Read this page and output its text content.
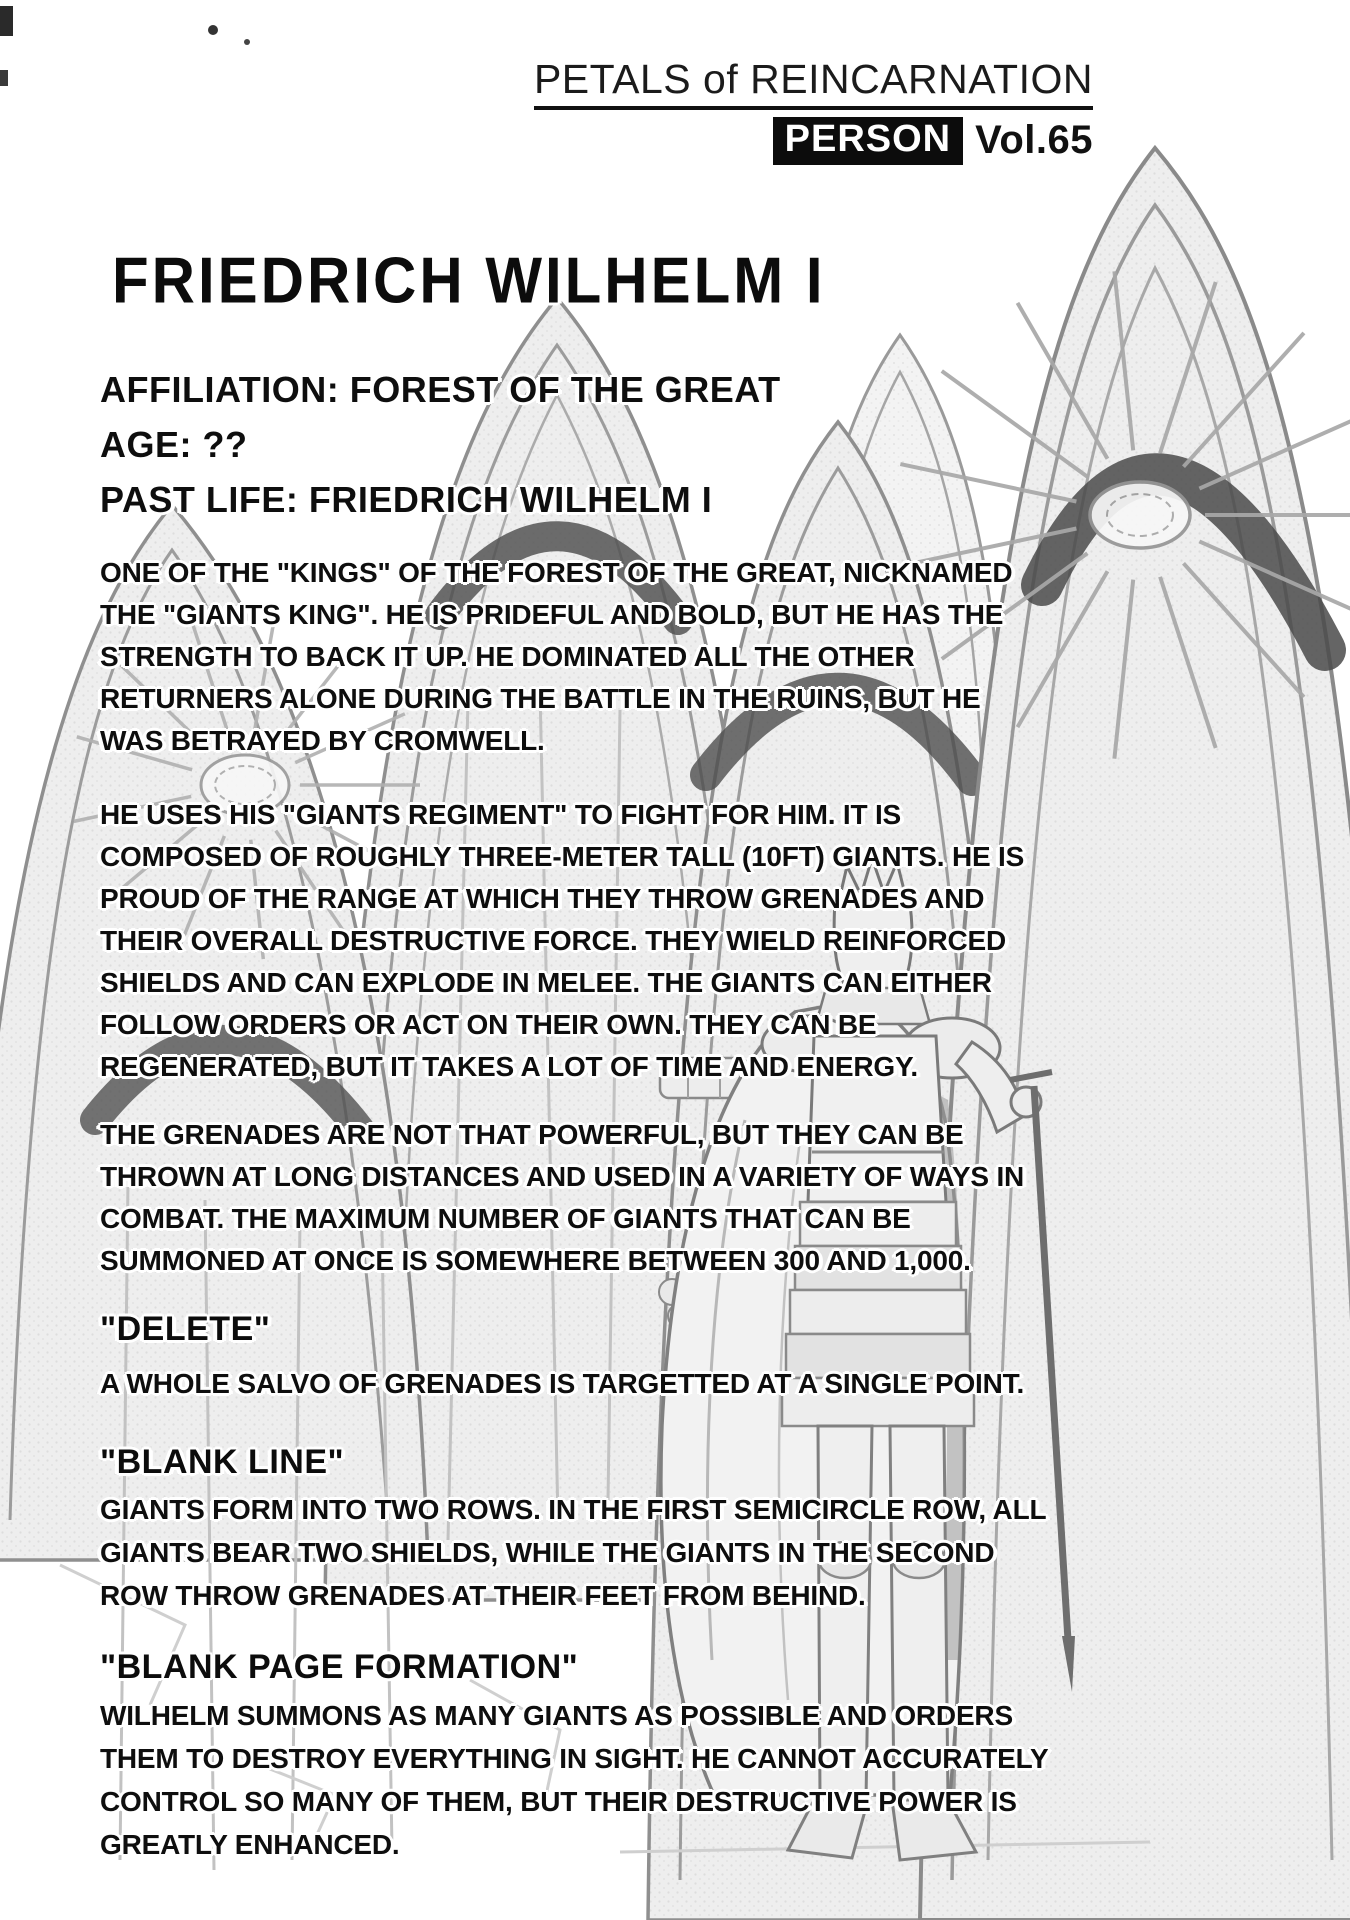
PETALS of REINCARNATION
PERSON Vol.65
FRIEDRICH WILHELM I
AFFILIATION: FOREST OF THE GREAT
AGE: ??
PAST LIFE: FRIEDRICH WILHELM I
ONE OF THE "KINGS" OF THE FOREST OF THE GREAT, NICKNAMED THE "GIANTS KING". HE IS PRIDEFUL AND BOLD, BUT HE HAS THE STRENGTH TO BACK IT UP. HE DOMINATED ALL THE OTHER RETURNERS ALONE DURING THE BATTLE IN THE RUINS, BUT HE WAS BETRAYED BY CROMWELL.
HE USES HIS "GIANTS REGIMENT" TO FIGHT FOR HIM. IT IS COMPOSED OF ROUGHLY THREE-METER TALL (10FT) GIANTS. HE IS PROUD OF THE RANGE AT WHICH THEY THROW GRENADES AND THEIR OVERALL DESTRUCTIVE FORCE. THEY WIELD REINFORCED SHIELDS AND CAN EXPLODE IN MELEE. THE GIANTS CAN EITHER FOLLOW ORDERS OR ACT ON THEIR OWN. THEY CAN BE REGENERATED, BUT IT TAKES A LOT OF TIME AND ENERGY.
THE GRENADES ARE NOT THAT POWERFUL, BUT THEY CAN BE THROWN AT LONG DISTANCES AND USED IN A VARIETY OF WAYS IN COMBAT. THE MAXIMUM NUMBER OF GIANTS THAT CAN BE SUMMONED AT ONCE IS SOMEWHERE BETWEEN 300 AND 1,000.
"DELETE"
A WHOLE SALVO OF GRENADES IS TARGETTED AT A SINGLE POINT.
"BLANK LINE"
GIANTS FORM INTO TWO ROWS. IN THE FIRST SEMICIRCLE ROW, ALL GIANTS BEAR TWO SHIELDS, WHILE THE GIANTS IN THE SECOND ROW THROW GRENADES AT THEIR FEET FROM BEHIND.
"BLANK PAGE FORMATION"
WILHELM SUMMONS AS MANY GIANTS AS POSSIBLE AND ORDERS THEM TO DESTROY EVERYTHING IN SIGHT. HE CANNOT ACCURATELY CONTROL SO MANY OF THEM, BUT THEIR DESTRUCTIVE POWER IS GREATLY ENHANCED.
